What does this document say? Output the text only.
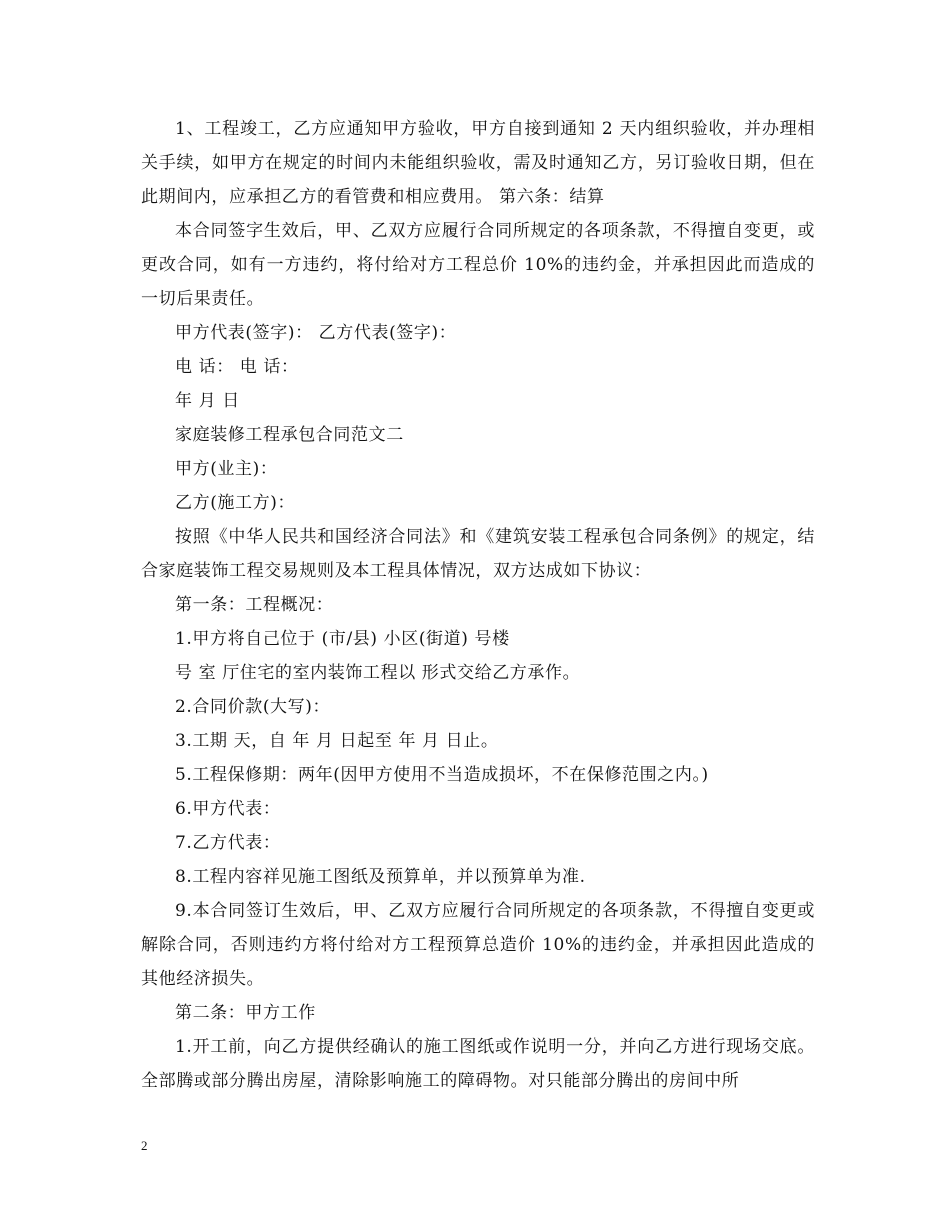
1、工程竣工，乙方应通知甲方验收，甲方自接到通知 2 天内组织验收，并办理相关手续，如甲方在规定的时间内未能组织验收，需及时通知乙方，另订验收日期，但在此期间内，应承担乙方的看管费和相应费用。 第六条：结算

本合同签字生效后，甲、乙双方应履行合同所规定的各项条款，不得擅自变更，或更改合同，如有一方违约，将付给对方工程总价 10%的违约金，并承担因此而造成的一切后果责任。

甲方代表(签字)： 乙方代表(签字)：

电 话： 电 话：

年 月 日

家庭装修工程承包合同范文二

甲方(业主)：

乙方(施工方)：

按照《中华人民共和国经济合同法》和《建筑安装工程承包合同条例》的规定，结合家庭装饰工程交易规则及本工程具体情况，双方达成如下协议：

第一条：工程概况：

1.甲方将自己位于 (市/县) 小区(街道) 号楼

号 室 厅住宅的室内装饰工程以 形式交给乙方承作。

2.合同价款(大写)：

3.工期 天，自 年 月 日起至 年 月 日止。

5.工程保修期：两年(因甲方使用不当造成损坏，不在保修范围之内。)

6.甲方代表：

7.乙方代表：

8.工程内容祥见施工图纸及预算单，并以预算单为准.

9.本合同签订生效后，甲、乙双方应履行合同所规定的各项条款，不得擅自变更或解除合同，否则违约方将付给对方工程预算总造价 10%的违约金，并承担因此造成的其他经济损失。

第二条：甲方工作

1.开工前，向乙方提供经确认的施工图纸或作说明一分，并向乙方进行现场交底。全部腾或部分腾出房屋，清除影响施工的障碍物。对只能部分腾出的房间中所

2
